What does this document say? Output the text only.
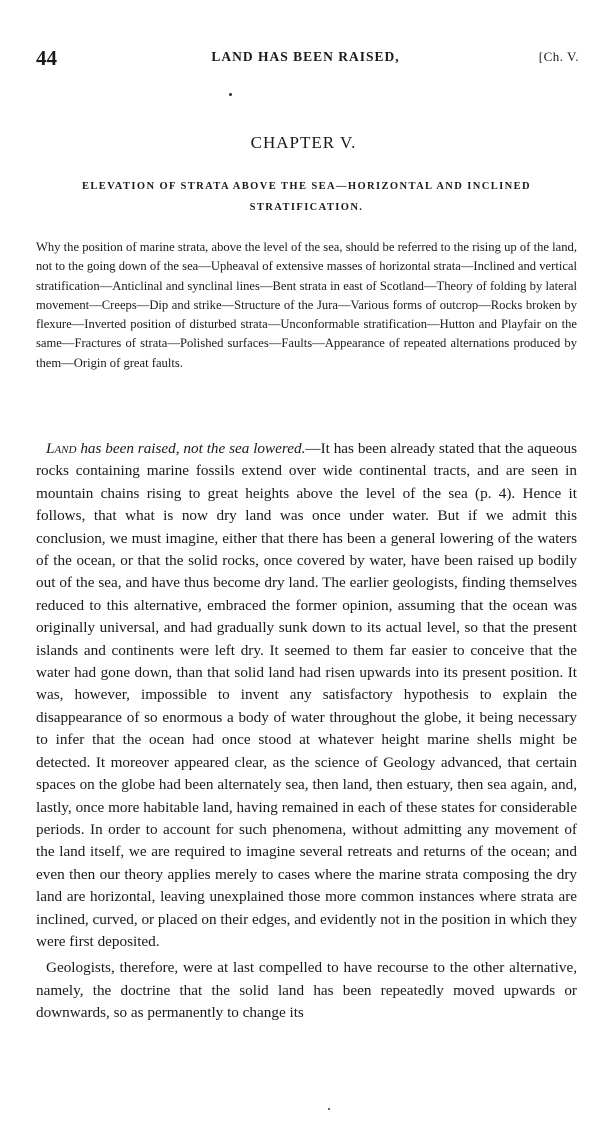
44	LAND HAS BEEN RAISED,	[Ch. V.
CHAPTER V.
ELEVATION OF STRATA ABOVE THE SEA—HORIZONTAL AND INCLINED STRATIFICATION.
Why the position of marine strata, above the level of the sea, should be referred to the rising up of the land, not to the going down of the sea—Upheaval of extensive masses of horizontal strata—Inclined and vertical stratification—Anticlinal and synclinal lines—Bent strata in east of Scotland—Theory of folding by lateral movement—Creeps—Dip and strike—Structure of the Jura—Various forms of outcrop—Rocks broken by flexure—Inverted position of disturbed strata—Unconformable stratification—Hutton and Playfair on the same—Fractures of strata—Polished surfaces—Faults—Appearance of repeated alternations produced by them—Origin of great faults.

Land has been raised, not the sea lowered.—It has been already stated that the aqueous rocks containing marine fossils extend over wide continental tracts, and are seen in mountain chains rising to great heights above the level of the sea (p. 4). Hence it follows, that what is now dry land was once under water. But if we admit this conclusion, we must imagine, either that there has been a general lowering of the waters of the ocean, or that the solid rocks, once covered by water, have been raised up bodily out of the sea, and have thus become dry land. The earlier geologists, finding themselves reduced to this alternative, embraced the former opinion, assuming that the ocean was originally universal, and had gradually sunk down to its actual level, so that the present islands and continents were left dry. It seemed to them far easier to conceive that the water had gone down, than that solid land had risen upwards into its present position. It was, however, impossible to invent any satisfactory hypothesis to explain the disappearance of so enormous a body of water throughout the globe, it being necessary to infer that the ocean had once stood at whatever height marine shells might be detected. It moreover appeared clear, as the science of Geology advanced, that certain spaces on the globe had been alternately sea, then land, then estuary, then sea again, and, lastly, once more habitable land, having remained in each of these states for considerable periods. In order to account for such phenomena, without admitting any movement of the land itself, we are required to imagine several retreats and returns of the ocean; and even then our theory applies merely to cases where the marine strata composing the dry land are horizontal, leaving unexplained those more common instances where strata are inclined, curved, or placed on their edges, and evidently not in the position in which they were first deposited.

Geologists, therefore, were at last compelled to have recourse to the other alternative, namely, the doctrine that the solid land has been repeatedly moved upwards or downwards, so as permanently to change its
